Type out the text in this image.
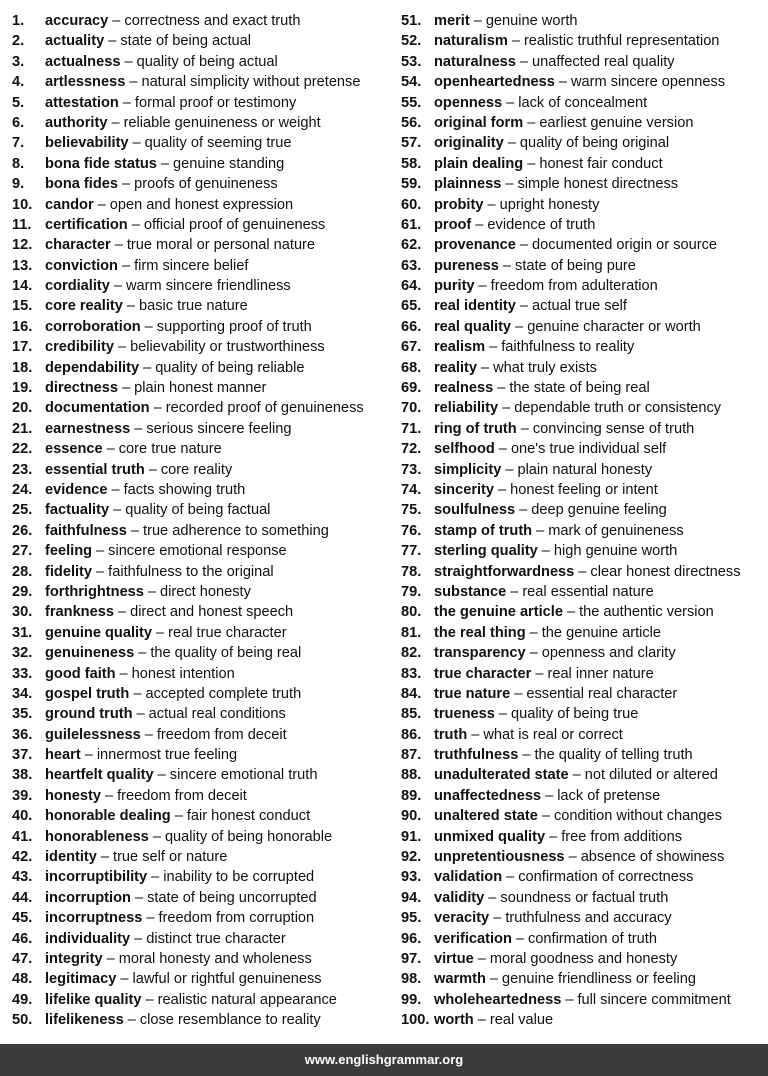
1.	accuracy – correctness and exact truth
2.	actuality – state of being actual
3.	actualness – quality of being actual
4.	artlessness – natural simplicity without pretense
5.	attestation – formal proof or testimony
6.	authority – reliable genuineness or weight
7.	believability – quality of seeming true
8.	bona fide status – genuine standing
9.	bona fides – proofs of genuineness
10. candor – open and honest expression
11. certification – official proof of genuineness
12. character – true moral or personal nature
13. conviction – firm sincere belief
14. cordiality – warm sincere friendliness
15. core reality – basic true nature
16. corroboration – supporting proof of truth
17. credibility – believability or trustworthiness
18. dependability – quality of being reliable
19. directness – plain honest manner
20. documentation – recorded proof of genuineness
21. earnestness – serious sincere feeling
22. essence – core true nature
23. essential truth – core reality
24. evidence – facts showing truth
25. factuality – quality of being factual
26. faithfulness – true adherence to something
27. feeling – sincere emotional response
28. fidelity – faithfulness to the original
29. forthrightness – direct honesty
30. frankness – direct and honest speech
31. genuine quality – real true character
32. genuineness – the quality of being real
33. good faith – honest intention
34. gospel truth – accepted complete truth
35. ground truth – actual real conditions
36. guilelessness – freedom from deceit
37. heart – innermost true feeling
38. heartfelt quality – sincere emotional truth
39. honesty – freedom from deceit
40. honorable dealing – fair honest conduct
41. honorableness – quality of being honorable
42. identity – true self or nature
43. incorruptibility – inability to be corrupted
44. incorruption – state of being uncorrupted
45. incorruptness – freedom from corruption
46. individuality – distinct true character
47. integrity – moral honesty and wholeness
48. legitimacy – lawful or rightful genuineness
49. lifelike quality – realistic natural appearance
50. lifelikeness – close resemblance to reality
51. merit – genuine worth
52. naturalism – realistic truthful representation
53. naturalness – unaffected real quality
54. openheartedness – warm sincere openness
55. openness – lack of concealment
56. original form – earliest genuine version
57. originality – quality of being original
58. plain dealing – honest fair conduct
59. plainness – simple honest directness
60. probity – upright honesty
61. proof – evidence of truth
62. provenance – documented origin or source
63. pureness – state of being pure
64. purity – freedom from adulteration
65. real identity – actual true self
66. real quality – genuine character or worth
67. realism – faithfulness to reality
68. reality – what truly exists
69. realness – the state of being real
70. reliability – dependable truth or consistency
71. ring of truth – convincing sense of truth
72. selfhood – one's true individual self
73. simplicity – plain natural honesty
74. sincerity – honest feeling or intent
75. soulfulness – deep genuine feeling
76. stamp of truth – mark of genuineness
77. sterling quality – high genuine worth
78. straightforwardness – clear honest directness
79. substance – real essential nature
80. the genuine article – the authentic version
81. the real thing – the genuine article
82. transparency – openness and clarity
83. true character – real inner nature
84. true nature – essential real character
85. trueness – quality of being true
86. truth – what is real or correct
87. truthfulness – the quality of telling truth
88. unadulterated state – not diluted or altered
89. unaffectedness – lack of pretense
90. unaltered state – condition without changes
91. unmixed quality – free from additions
92. unpretentiousness – absence of showiness
93. validation – confirmation of correctness
94. validity – soundness or factual truth
95. veracity – truthfulness and accuracy
96. verification – confirmation of truth
97. virtue – moral goodness and honesty
98. warmth – genuine friendliness or feeling
99. wholeheartedness – full sincere commitment
100. worth – real value
www.englishgrammar.org
